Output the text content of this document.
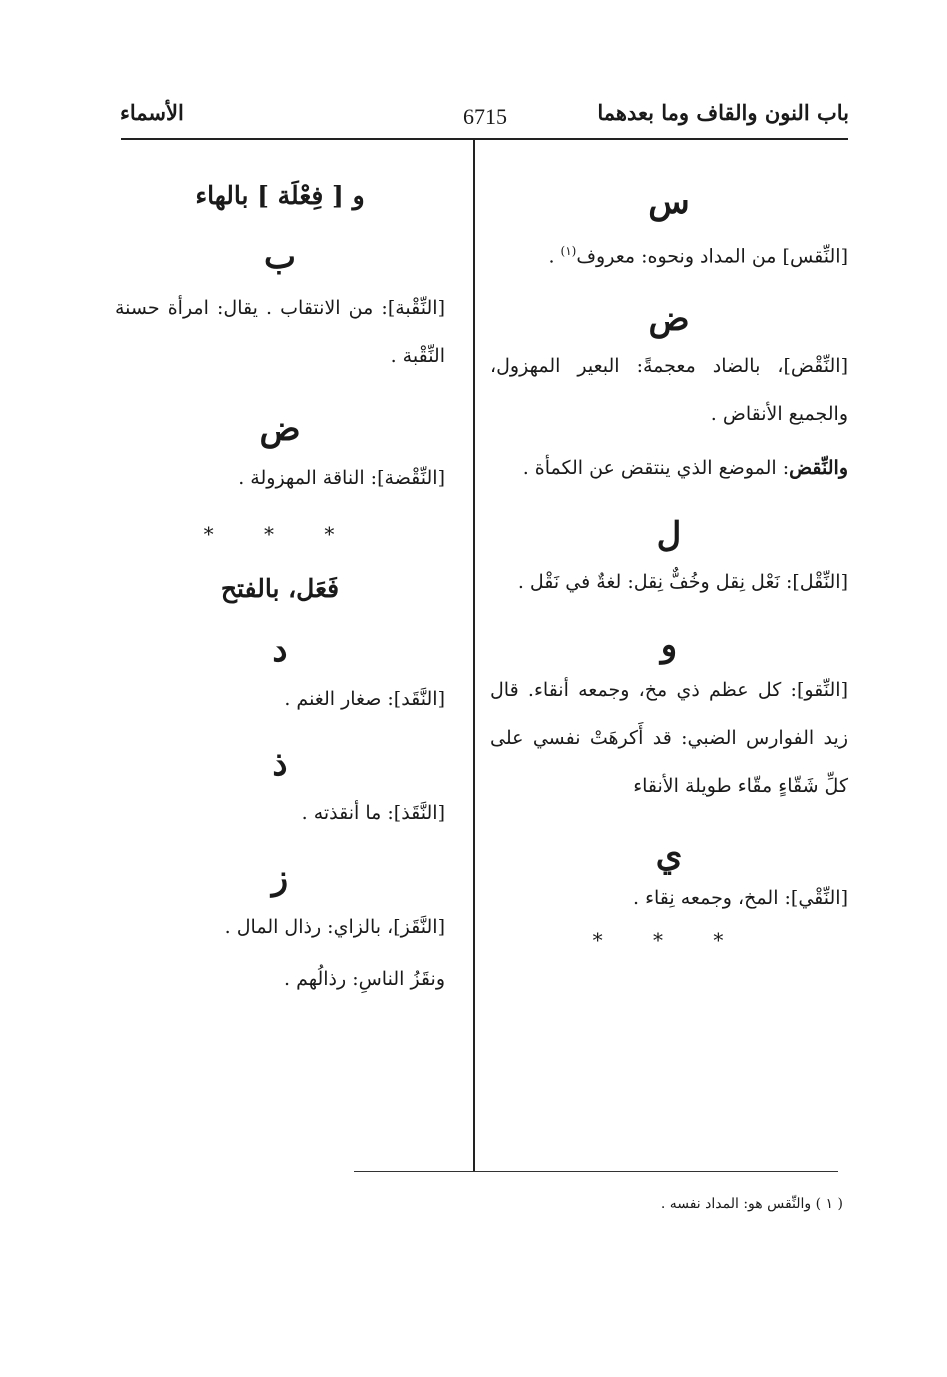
باب النون والقاف وما بعدهما
6715
الأسماء
س
[النِّقس] من المداد ونحوه: معروف$^{(١)}$ .
ض
[النِّقْض]، بالضاد معجمةً: البعير المهزول، والجميع الأنقاض .
والنِّقض: الموضع الذي ينتقض عن الكمأة .
ل
[النِّقْل]: نَعْل نِقل وخُفٌّ نِقل: لغةٌ في نَقْل .
و
[النِّقو]: كل عظم ذي مخ، وجمعه أنقاء. قال زيد الفوارس الضبي: قد أَكرهَتْ نفسي على كلِّ شَقّاءٍ مقّاء طويلة الأنقاء
ي
[النِّقْي]: المخ، وجمعه نِقاء .
* * *
و [ فِعْلَة ] بالهاء
ب
[النِّقْبة]: من الانتقاب . يقال: امرأة حسنة النِّقْبة .
ض
[النِّقْضة]: الناقة المهزولة .
* * *
فَعَل، بالفتح
د
[النَّقَد]: صغار الغنم .
ذ
[النَّقَذ]: ما أنقذته .
ز
[النَّقَز]، بالزاي: رذال المال .
ونقَزُ الناسِ: رذالُهم .
( ١ ) والنِّقس هو: المداد نفسه .
